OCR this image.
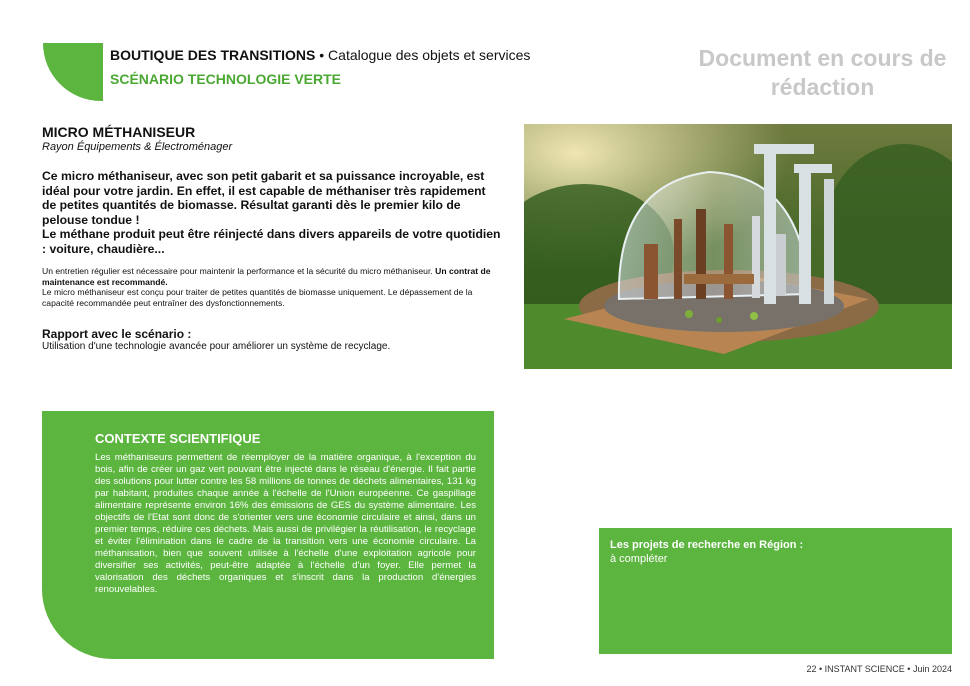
BOUTIQUE DES TRANSITIONS • Catalogue des objets et services
SCÉNARIO TECHNOLOGIE VERTE
Document en cours de rédaction
MICRO MÉTHANISEUR
Rayon Équipements & Électroménager

Ce micro méthaniseur, avec son petit gabarit et sa puissance incroyable, est idéal pour votre jardin. En effet, il est capable de méthaniser très rapidement de petites quantités de biomasse. Résultat garanti dès le premier kilo de pelouse tondue !

Le méthane produit peut être réinjecté dans divers appareils de votre quotidien : voiture, chaudière...

Un entretien régulier est nécessaire pour maintenir la performance et la sécurité du micro méthaniseur. Un contrat de maintenance est recommandé.

Le micro méthaniseur est conçu pour traiter de petites quantités de biomasse uniquement. Le dépassement de la capacité recommandée peut entraîner des dysfonctionnements.

Rapport avec le scénario :
Utilisation d'une technologie avancée pour améliorer un système de recyclage.
CONTEXTE SCIENTIFIQUE

Les méthaniseurs permettent de réemployer de la matière organique, à l'exception du bois, afin de créer un gaz vert pouvant être injecté dans le réseau d'énergie. Il fait partie des solutions pour lutter contre les 58 millions de tonnes de déchets alimentaires, 131 kg par habitant, produites chaque année à l'échelle de l'Union européenne. Ce gaspillage alimentaire représente environ 16% des émissions de GES du système alimentaire. Les objectifs de l'Etat sont donc de s'orienter vers une économie circulaire et ainsi, dans un premier temps, réduire ces déchets. Mais aussi de privilégier la réutilisation, le recyclage et éviter l'élimination dans le cadre de la transition vers une économie circulaire. La méthanisation, bien que souvent utilisée à l'échelle d'une exploitation agricole pour diversifier ses activités, peut-être adaptée à l'échelle d'un foyer. Elle permet la valorisation des déchets organiques et s'inscrit dans la production d'énergies renouvelables.

Les projets de recherche en Région :
à compléter
22 • INSTANT SCIENCE • Juin 2024
